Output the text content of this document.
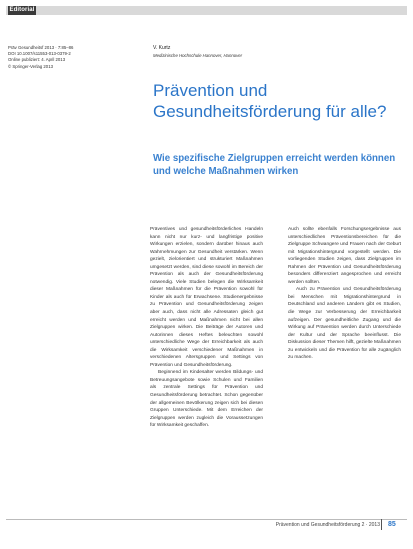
Editorial
Präv Gesundheitsf 2013 · 7:85–86
DOI 10.1007/s11553-013-0379-2
Online publiziert: 4. April 2013
© Springer-Verlag 2013
V. Kurtz
Medizinische Hochschule Hannover, Hannover
Prävention und Gesundheitsförderung für alle?
Wie spezifische Zielgruppen erreicht werden können und welche Maßnahmen wirken

Präventives und gesundheitsförderliches Handeln kann nicht nur kurz- und langfristige positive Wirkungen erzielen, sondern darüber hinaus auch Wahrnehmungen zur Gesundheit verstärken. Wenn gezielt, zielorientiert und strukturiert Maßnahmen umgesetzt werden, sind diese sowohl im Bereich der Prävention als auch der Gesundheitsförderung notwendig. Viele Studien belegen die Wirksamkeit dieser Maßnahmen für die Prävention sowohl für Kinder als auch für Erwachsene. Studienergebnisse zu Prävention und Gesundheitsförderung zeigen aber auch, dass nicht alle Adressaten gleich gut erreicht werden und Maßnahmen nicht bei allen Zielgruppen wirken. Die Beiträge der Autoren und Autorinnen dieses Heftes beleuchten sowohl unterschiedliche Wege der Erreichbarkeit als auch die Wirksamkeit verschiedener Maßnahmen in verschiedenen Altersgruppen und Settings von Prävention und Gesundheitsförderung.

Beginnend im Kindesalter werden Bildungs- und Betreuungsangebote sowie Schulen und Familien als zentrale Settings für Prävention und Gesundheitsförderung betrachtet. Schon gegenüber der allgemeinen Bevölkerung zeigen sich bei diesen Gruppen Unterschiede. Mit dem Erreichen der Zielgruppen werden zugleich die Voraussetzungen für Wirksamkeit geschaffen.

Auch sollte ebenfalls Forschungsergebnisse aus unterschiedlichen Präventionsbereichen für die Zielgruppe Schwangere und Frauen nach der Geburt mit Migrationshintergrund vorgestellt werden. Die vorliegenden Studien zeigen, dass Zielgruppen im Rahmen der Prävention und Gesundheitsförderung besonders differenziert angesprochen und erreicht werden sollten.

Auch zu Prävention und Gesundheitsförderung bei Menschen mit Migrationshintergrund in Deutschland und anderen Ländern gibt es Studien, die Wege zur Verbesserung der Erreichbarkeit aufzeigen. Der gesundheitliche Zugang und die Wirkung auf Prävention werden durch Unterschiede der Kultur und der Sprache beeinflusst. Die Diskussion dieser Themen hilft, gezielte Maßnahmen zu entwickeln und die Prävention für alle zugänglich zu machen.

Prävention und Gesundheitsförderung 2 · 2013 85
